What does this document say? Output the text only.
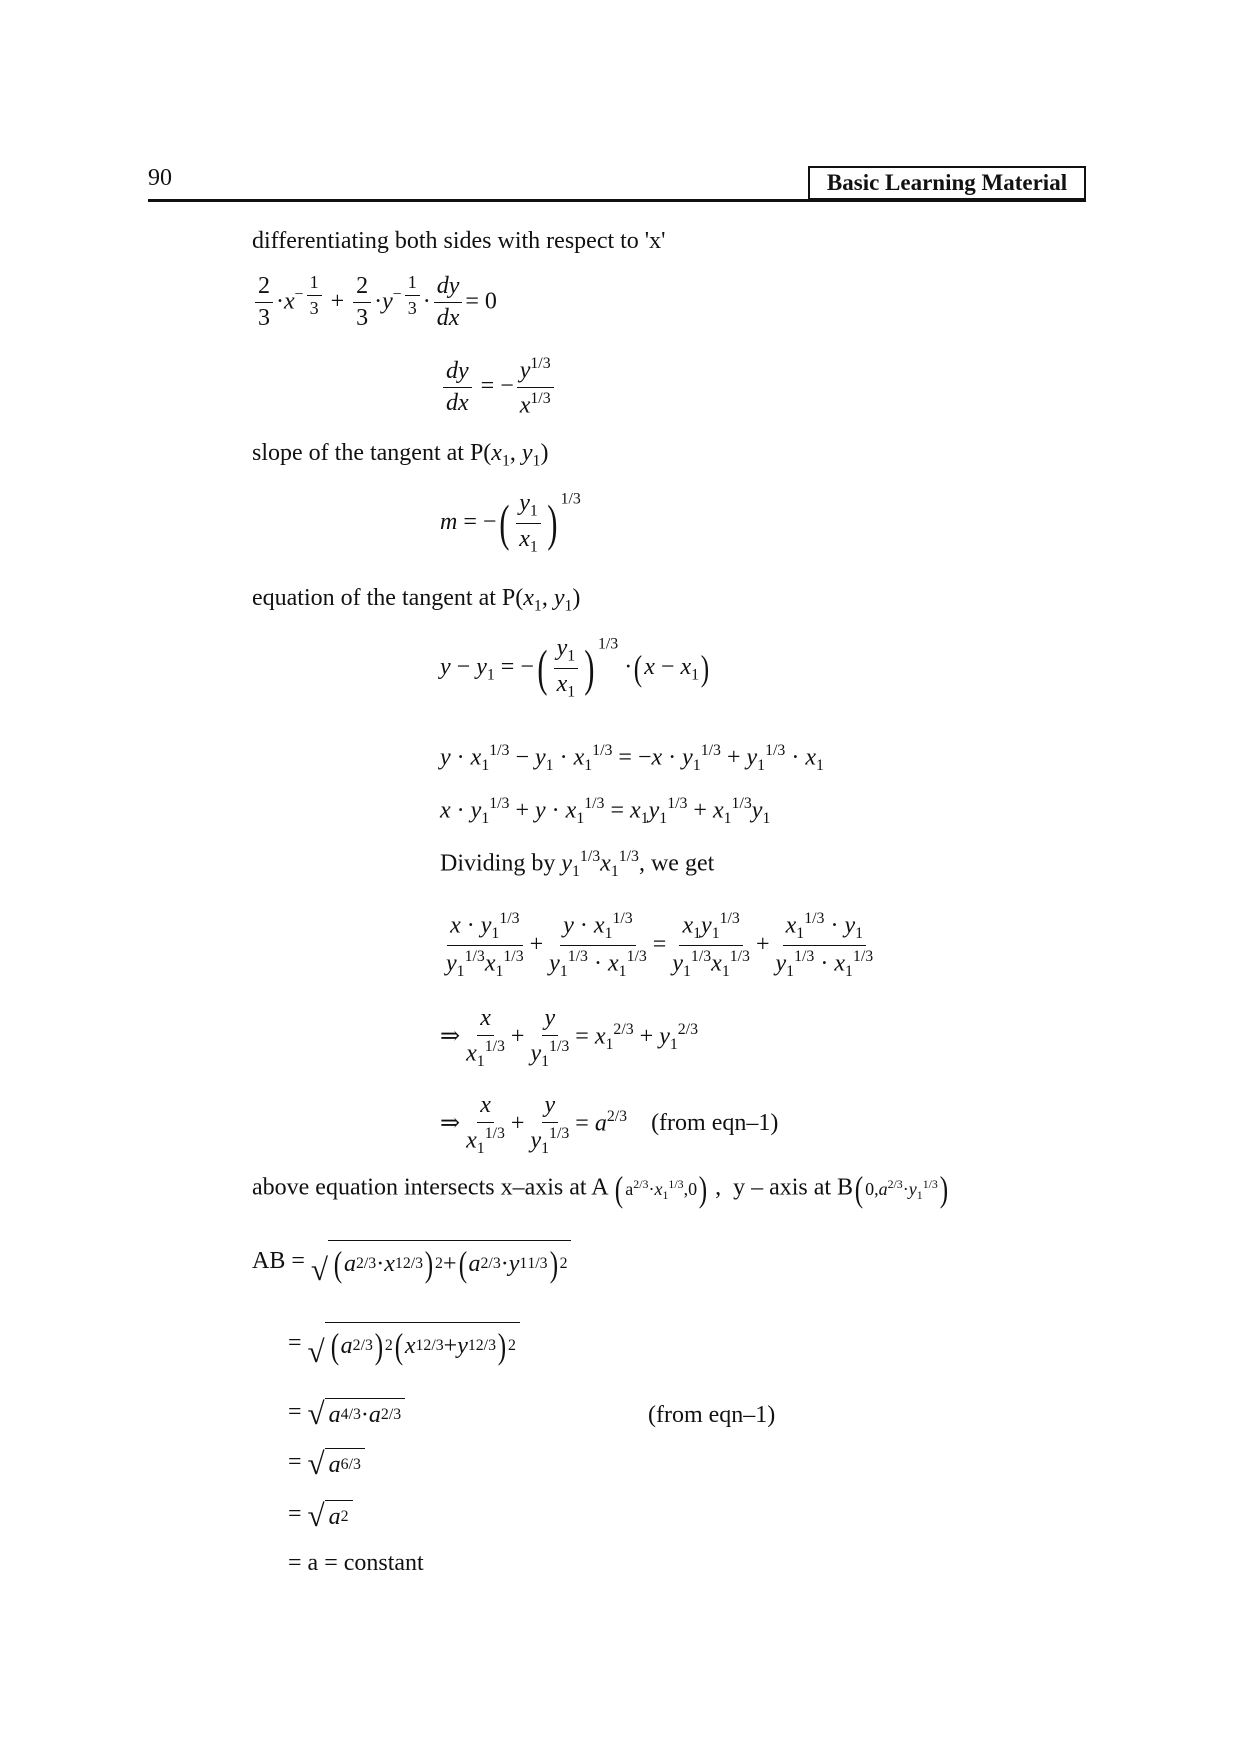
90	Basic Learning Material
differentiating both sides with respect to 'x'
$\frac{2}{3} \cdot x^{- \frac{1}{3}} + \frac{2}{3} \cdot y^{- \frac{1}{3}} \cdot \frac{dy}{dx} = 0$
$\frac{dy}{dx}$ = − $\frac{y^{1/3}}{x^{1/3}}$
slope of the tangent at $P(x_1$, $y_1$)
m = −( $\frac{y_1}{x_1}$ ) $^{1/3}$
equation of the tangent at $P(x_1$, $y_1$)
$y - y_1$ = −( $\frac{y_1}{x_1}$ ) $^{1/3} \cdot(x - x_1)$
$y \cdot x_1^{1/3} - y_1 \cdot x_1^{1/3} = -x \cdot y_1^{1/3} + y_1^{1/3} \cdot x_1$
$x \cdot y_1^{1/3} + y \cdot x_1^{1/3} = x_1y_1^{1/3} + x_1^{1/3}y_1$
Dividing by $y_1^{1/3}x_1^{1/3}$, we get
$\frac{x \cdot y_1^{1/3}}{y_1^{1/3}x_1^{1/3}} + \frac{y \cdot x_1^{1/3}}{y_1^{1/3} \cdot x_1^{1/3}} = \frac{x_1y_1^{1/3}}{y_1^{1/3}x_1^{1/3}} + \frac{x_1^{1/3} \cdot y_1}{y_1^{1/3} \cdot x_1^{1/3}}$
⇒ $\frac{x}{x_1^{1/3}} + \frac{y}{y_1^{1/3}} = x_1^{2/3} + y_1^{2/3}$
⇒ $\frac{x}{x_1^{1/3}} + \frac{y}{y_1^{1/3}} = a^{2/3}$ (from eqn–1)
above equation intersects x–axis at A ( $a^{2/3}\cdot x_1^{1/3},0$) ,  y – axis at $B(0,a^{2/3}\cdot y_1^{1/3})$
AB = √ ( a 2/3 · x 1 2/3 ) 2 + ( a 2/3 · y 1 1/3 ) 2
= √ ( a 2/3 ) 2 ( x 1 2/3 + y 1 2/3 ) 2
= √ a 4/3 · a 2/3	(from eqn–1)
= √ a 6/3
= √ a 2
= a = constant
